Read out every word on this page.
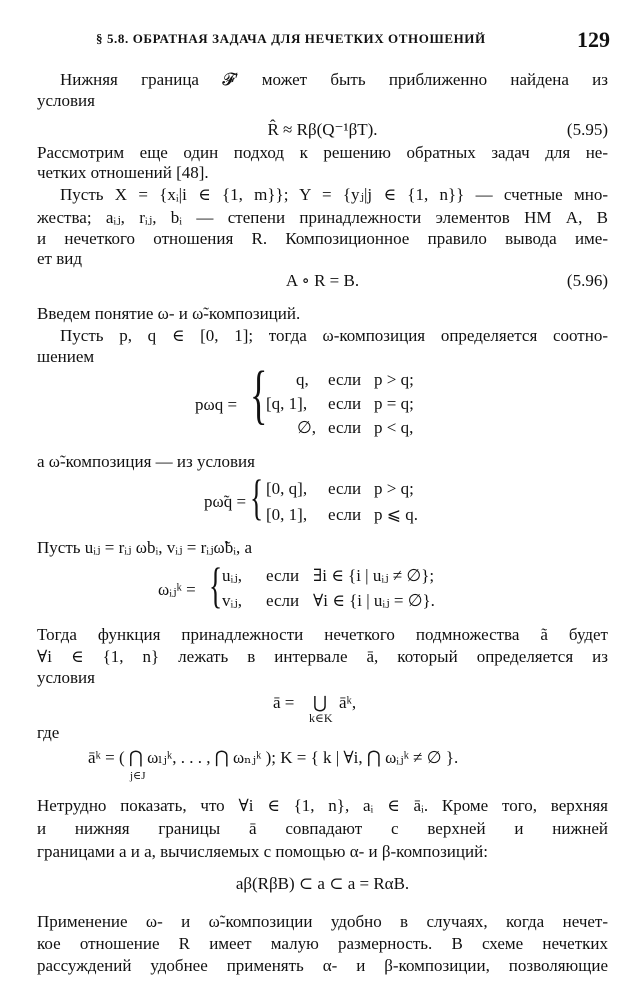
§ 5.8. ОБРАТНАЯ ЗАДАЧА ДЛЯ НЕЧЕТКИХ ОТНОШЕНИЙ	129
Нижняя граница 𝓕′ может быть приближенно найдена из
условия
R̂ ≈ Rβ(Q⁻¹βT).	(5.95)
Рассмотрим еще один подход к решению обратных задач для не-
четких отношений [48].
Пусть X = {xᵢ|i ∈ {1, m}}; Y = {yⱼ|j ∈ {1, n}} — счетные мно-
жества; aᵢⱼ, rᵢⱼ, bᵢ — степени принадлежности элементов НМ A, B
и нечеткого отношения R. Композиционное правило вывода име-
ет вид
A ∘ R = B.	(5.96)
Введем понятие ω- и ω̃-композиций.
Пусть p, q ∈ [0, 1]; тогда ω-композиция определяется соотно-
шением
pωq = { q, если p > q;
[q, 1], если p = q;
∅, если p < q,
а ω̃-композиция — из условия
pω̃q = { [0, q], если p > q;
[0, 1], если p ⩽ q.
Пусть uᵢⱼ = rᵢⱼ ωbᵢ, vᵢⱼ = rᵢⱼω̃bᵢ, а
ωᵢⱼᵏ = { uᵢⱼ, если ∃i ∈ {i | uᵢⱼ ≠ ∅};
vᵢⱼ, если ∀i ∈ {i | uᵢⱼ = ∅}.
Тогда функция принадлежности нечеткого подмножества ã будет
∀i ∈ {1, n} лежать в интервале ā, который определяется из
условия
ā = ⋃
k∈K
āᵏ,
где
āᵏ = ( ⋂ ωₗⱼᵏ, . . . , ⋂ ωₙⱼᵏ ); K = { k | ∀i, ⋂ ωᵢⱼᵏ ≠ ∅ }.
j∈J
Нетрудно показать, что ∀i ∈ {1, n}, aᵢ ∈ āᵢ. Кроме того, верхняя
и нижняя границы ā совпадают с верхней и нижней
границами a и a, вычисляемых с помощью α- и β-композиций:
aβ(RβB) ⊂ a ⊂ a = RαB.
Применение ω- и ω̃-композиции удобно в случаях, когда нечет-
кое отношение R имеет малую размерность. В схеме нечетких
рассуждений удобнее применять α- и β-композиции, позволяющие
